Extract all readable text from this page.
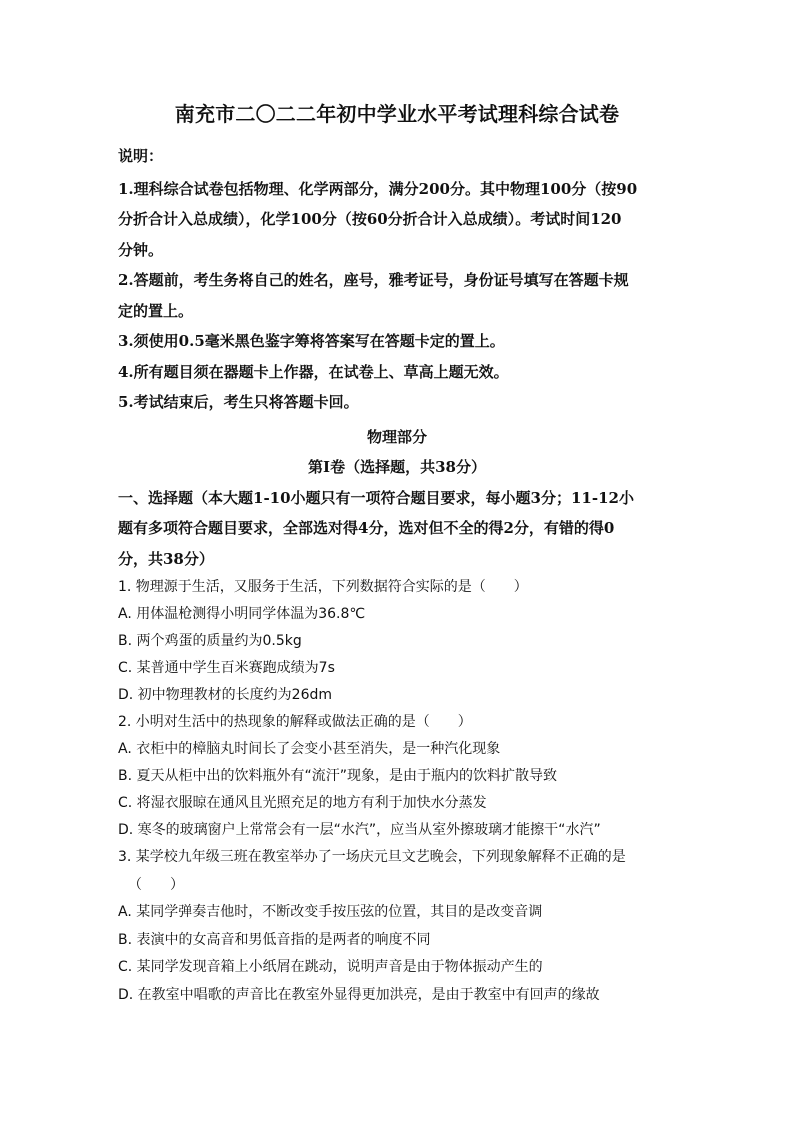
南充市二〇二二年初中学业水平考试理科综合试卷
说明：
1.理科综合试卷包括物理、化学两部分，满分200分。其中物理100分（按90
分折合计入总成绩），化学100分（按60分折合计入总成绩）。考试时间120
分钟。
2.答题前，考生务将自己的姓名，座号，雅考证号，身份证号填写在答题卡规
定的置上。
3.须使用0.5毫米黑色鉴字筹将答案写在答题卡定的置上。
4.所有题目须在器题卡上作器，在试卷上、草高上题无效。
5.考试结束后，考生只将答题卡回。
物理部分
第I卷（选择题，共38分）
一、选择题（本大题1-10小题只有一项符合题目要求，每小题3分；11-12小
题有多项符合题目要求，全部选对得4分，选对但不全的得2分，有错的得0
分，共38分）
1. 物理源于生活，又服务于生活，下列数据符合实际的是（　　）
A. 用体温枪测得小明同学体温为36.8℃
B. 两个鸡蛋的质量约为0.5kg
C. 某普通中学生百米赛跑成绩为7s
D. 初中物理教材的长度约为26dm
2. 小明对生活中的热现象的解释或做法正确的是（　　）
A. 衣柜中的樟脑丸时间长了会变小甚至消失，是一种汽化现象
B. 夏天从柜中出的饮料瓶外有“流汗”现象，是由于瓶内的饮料扩散导致
C. 将湿衣服晾在通风且光照充足的地方有利于加快水分蒸发
D. 寒冬的玻璃窗户上常常会有一层“水汽”，应当从室外擦玻璃才能擦干“水汽”
3. 某学校九年级三班在教室举办了一场庆元旦文艺晚会，下列现象解释不正确的是
（　　）
A. 某同学弹奏吉他时，不断改变手按压弦的位置，其目的是改变音调
B. 表演中的女高音和男低音指的是两者的响度不同
C. 某同学发现音箱上小纸屑在跳动，说明声音是由于物体振动产生的
D. 在教室中唱歌的声音比在教室外显得更加洪亮，是由于教室中有回声的缘故
